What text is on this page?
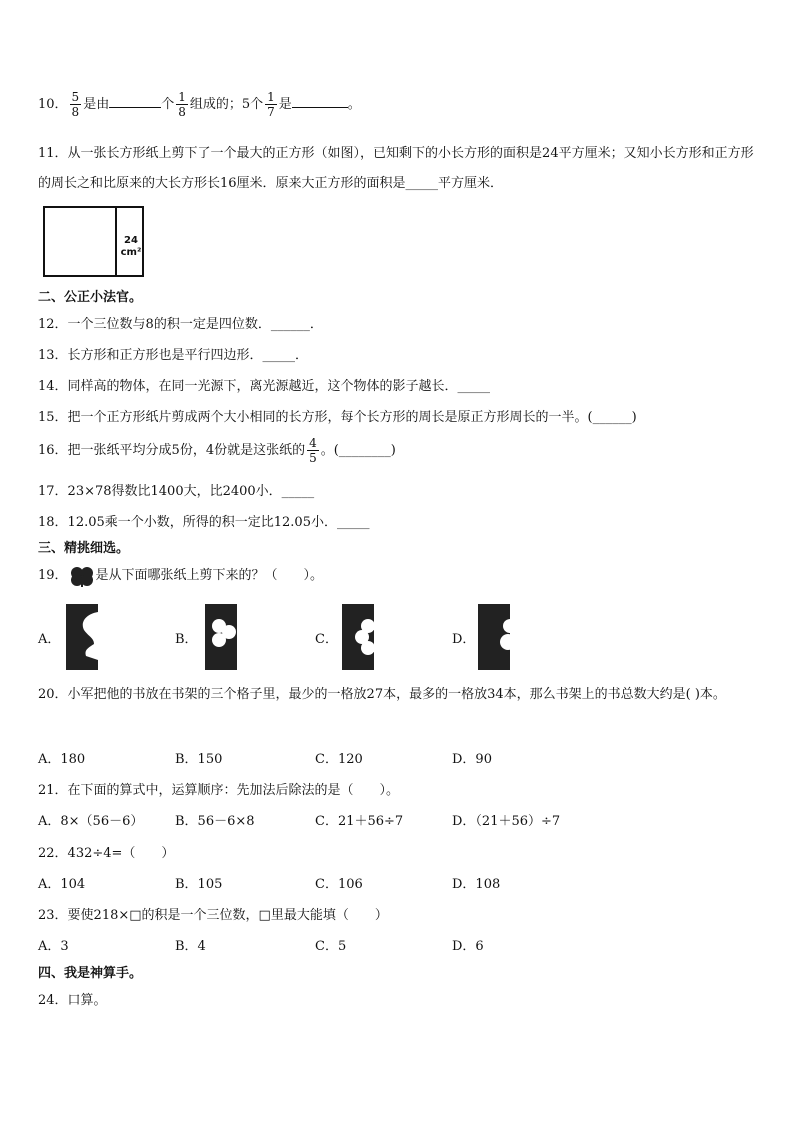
10． $\frac{5}{8}$ 是由	个 $\frac{1}{8}$ 组成的；5个 $\frac{1}{7}$ 是	。
11．从一张长方形纸上剪下了一个最大的正方形（如图），已知剩下的小长方形的面积是24平方厘米；又知小长方形和正方形的周长之和比原来的大长方形长16厘米．原来大正方形的面积是_____平方厘米．
24
cm²
二、公正小法官。
12．一个三位数与8的积一定是四位数．______．
13．长方形和正方形也是平行四边形．_____．
14．同样高的物体，在同一光源下，离光源越近，这个物体的影子越长．_____
15．把一个正方形纸片剪成两个大小相同的长方形，每个长方形的周长是原正方形周长的一半。(______)
16．把一张纸平均分成5份，4份就是这张纸的 $\frac{4}{5}$ 。(________)
17．23×78得数比1400大，比2400小．_____
18．12.05乘一个小数，所得的积一定比12.05小．_____
三、精挑细选。
19． 是从下面哪张纸上剪下来的？（　　）。
A．	B．	C．	D．
20．小军把他的书放在书架的三个格子里，最少的一格放27本，最多的一格放34本，那么书架上的书总数大约是( )本。
A．180	B．150	C．120	D．90
21．在下面的算式中，运算顺序：先加法后除法的是（　　）。
A．8×（56－6） B．56－6×8	C．21＋56÷7	D．（21＋56）÷7
22．432÷4=（　　）
A．104	B．105	C．106	D．108
23．要使218×□的积是一个三位数，□里最大能填（　　）
A．3	B．4	C．5	D．6
四、我是神算手。
24．口算。
